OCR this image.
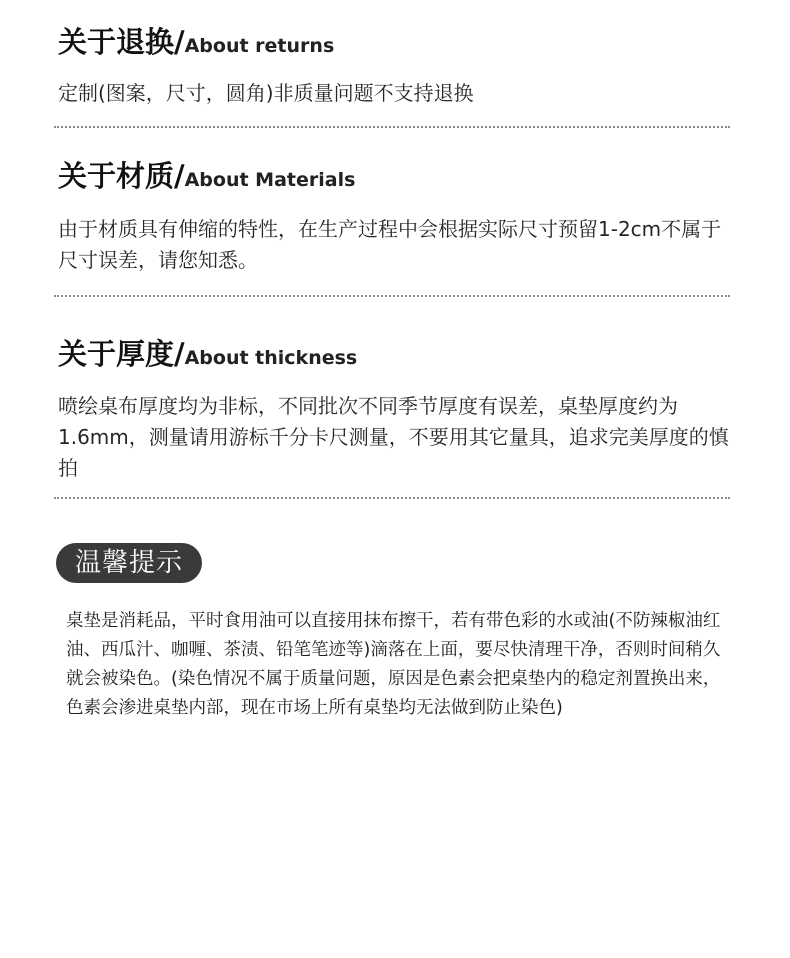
关于退换/About returns

定制(图案，尺寸，圆角)非质量问题不支持退换

关于材质/About Materials

由于材质具有伸缩的特性，在生产过程中会根据实际尺寸预留1-2cm不属于尺寸误差，请您知悉。

关于厚度/About thickness

喷绘桌布厚度均为非标，不同批次不同季节厚度有误差，桌垫厚度约为1.6mm，测量请用游标千分卡尺测量，不要用其它量具，追求完美厚度的慎拍

温馨提示

桌垫是消耗品，平时食用油可以直接用抹布擦干，若有带色彩的水或油(不防辣椒油红油、西瓜汁、咖喱、茶渍、铅笔笔迹等)滴落在上面，要尽快清理干净，否则时间稍久就会被染色。(染色情况不属于质量问题，原因是色素会把桌垫内的稳定剂置换出来，色素会渗进桌垫内部，现在市场上所有桌垫均无法做到防止染色)
